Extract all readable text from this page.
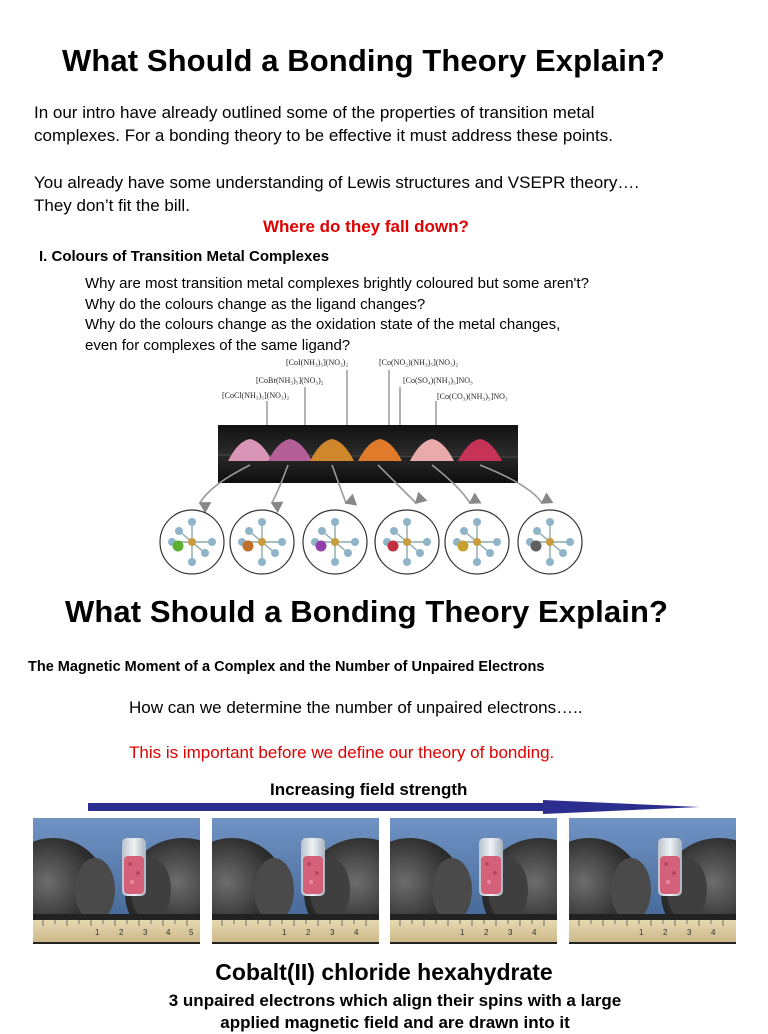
What Should a Bonding Theory Explain?
In our intro have already outlined some of the properties of transition metal
complexes. For a bonding theory to be effective it must address these points.
You already have some understanding of Lewis structures and VSEPR theory….
They don’t fit the bill.
Where do they fall down?
I. Colours of Transition Metal Complexes
Why are most transition metal complexes brightly coloured but some aren't?
Why do the colours change as the ligand changes?
Why do the colours change as the oxidation state of the metal changes,
even for complexes of the same ligand?
[CoCl(NH₃)₅](NO₃)₂
[CoBr(NH₃)₅](NO₃)₂
[CoI(NH₃)₅](NO₃)₂	[Co(NO₂)(NH₃)₅](NO₃)₂
[Co(SO₄)(NH₃)₅]NO₃
[Co(CO₃)(NH₃)₅]NO₃
What Should a Bonding Theory Explain?
The Magnetic Moment of a Complex and the Number of Unpaired Electrons
How can we determine the number of unpaired electrons…..
This is important before we define our theory of bonding.
Increasing field strength
1 2 3 4 5	1 2 3 4	1 2 3 4	1 2 3 4
Cobalt(II) chloride hexahydrate
3 unpaired electrons which align their spins with a large
applied magnetic field and are drawn into it
